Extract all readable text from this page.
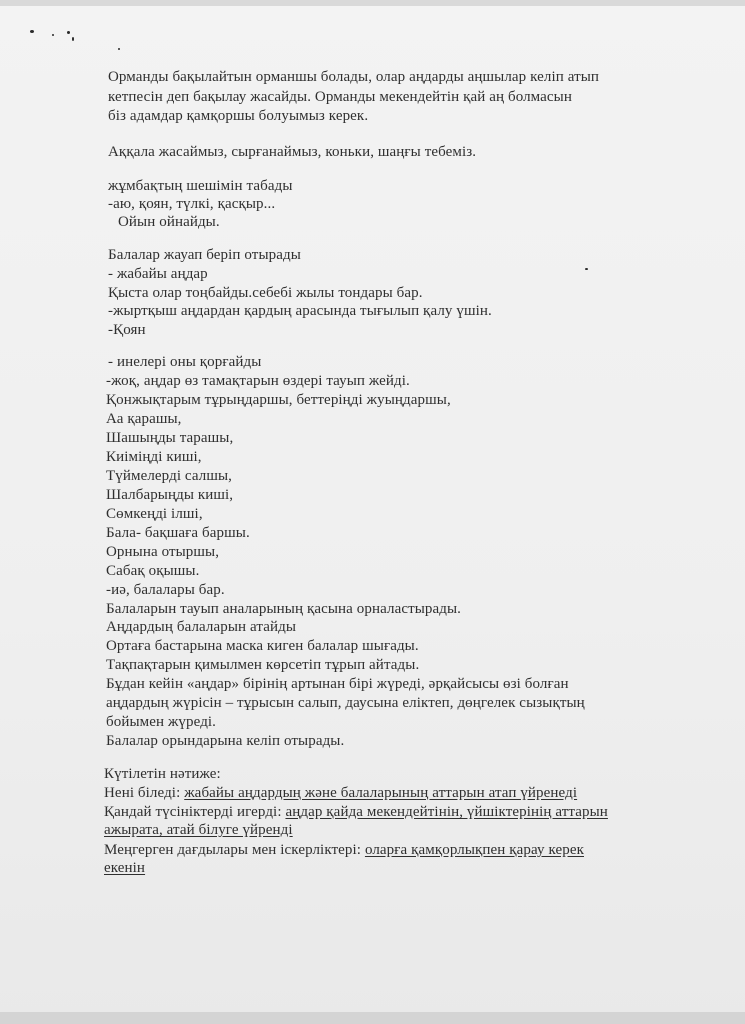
Орманды бақылайтын орманшы болады, олар аңдарды аңшылар келіп атып
кетпесін деп бақылау жасайды. Орманды мекендейтін қай аң болмасын
біз адамдар қамқоршы болуымыз керек.
Аққала жасаймыз, сырғанаймыз, коньки, шаңғы тебеміз.
жұмбақтың шешімін табады
-аю, қоян, түлкі, қасқыр...
Ойын ойнайды.
Балалар жауап беріп отырады
- жабайы аңдар
Қыста олар тоңбайды.себебі жылы тондары бар.
-жыртқыш аңдардан қардың арасында тығылып қалу үшін.
-Қоян
- инелері оны қорғайды
-жоқ, аңдар өз тамақтарын өздері тауып жейді.
Қонжықтарым тұрыңдаршы, беттеріңді жуыңдаршы,
Аа қарашы,
Шашыңды тарашы,
Киіміңді киші,
Түймелерді салшы,
Шалбарыңды киші,
Сөмкеңді ілші,
Бала- бақшаға баршы.
Орнына отыршы,
Сабақ оқышы.
-иә, балалары бар.
Балаларын тауып аналарының қасына орналастырады.
Аңдардың балаларын атайды
Ортаға бастарына маска киген балалар шығады.
Тақпақтарын қимылмен көрсетіп тұрып айтады.
Бұдан кейін «аңдар» бірінің артынан бірі жүреді, әрқайсысы өзі болған
аңдардың жүрісін – тұрысын салып, даусына еліктеп, дөңгелек сызықтың
бойымен жүреді.
Балалар орындарына келіп отырады.
Күтілетін нәтиже:
Нені біледі: жабайы аңдардың және балаларының аттарын атап үйренеді
Қандай түсініктерді игерді: аңдар қайда мекендейтінін, үйшіктерінің аттарын
ажырата, атай білуге үйренді
Меңгерген дағдылары мен іскерліктері: оларға қамқорлықпен қарау керек
екенін
